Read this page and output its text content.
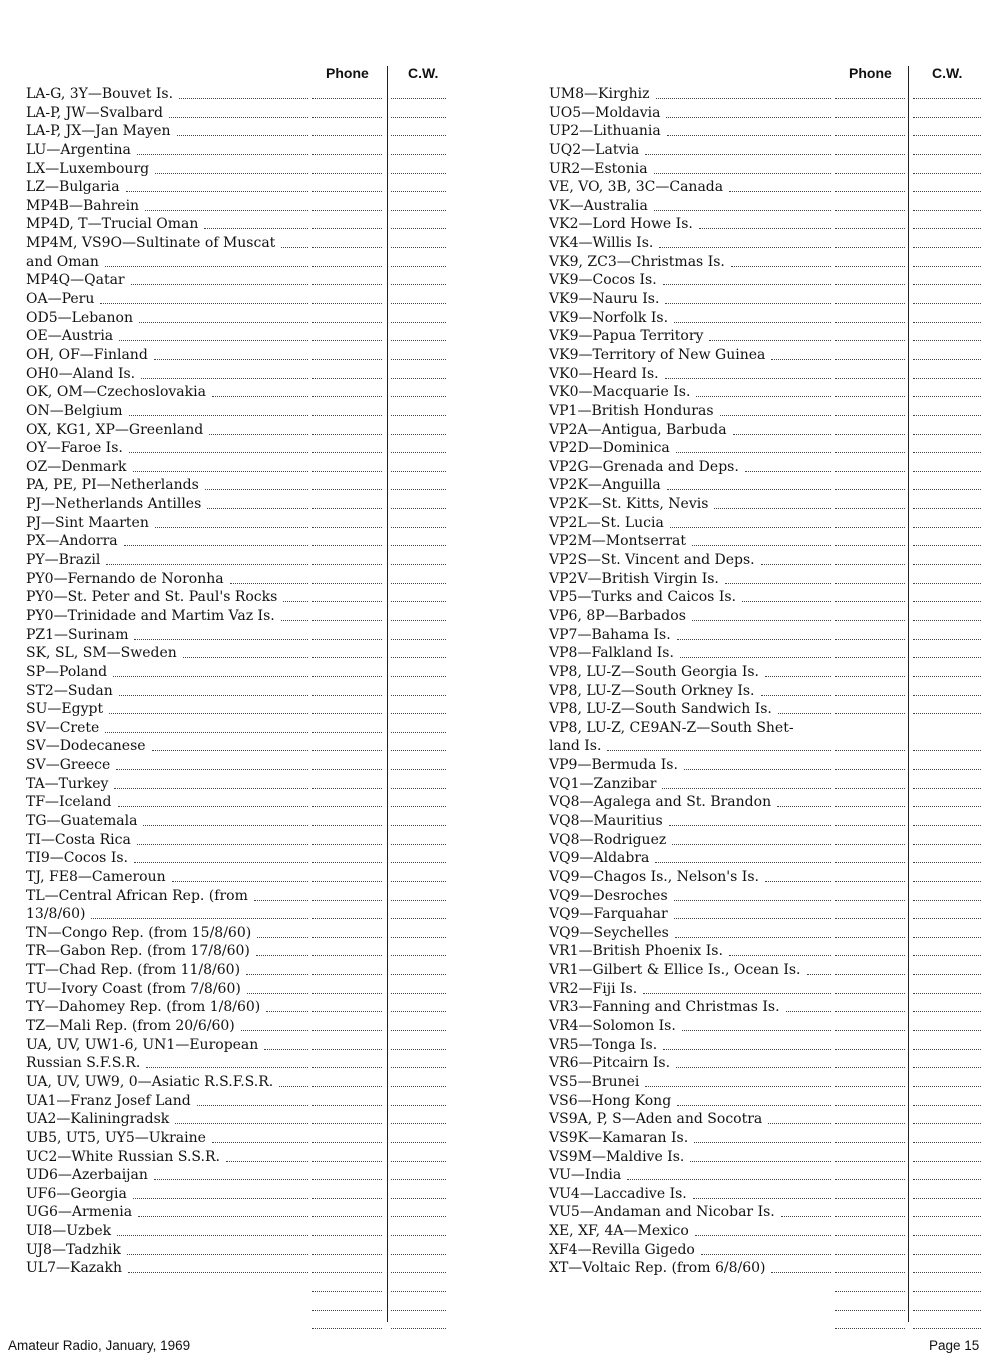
Phone	C.W.
LA-G, 3Y—Bouvet Is.
LA-P, JW—Svalbard
LA-P, JX—Jan Mayen
LU—Argentina
LX—Luxembourg
LZ—Bulgaria
MP4B—Bahrein
MP4D, T—Trucial Oman
MP4M, VS9O—Sultinate of Muscat
and Oman
MP4Q—Qatar
OA—Peru
OD5—Lebanon
OE—Austria
OH, OF—Finland
OH0—Aland Is.
OK, OM—Czechoslovakia
ON—Belgium
OX, KG1, XP—Greenland
OY—Faroe Is.
OZ—Denmark
PA, PE, PI—Netherlands
PJ—Netherlands Antilles
PJ—Sint Maarten
PX—Andorra
PY—Brazil
PY0—Fernando de Noronha
PY0—St. Peter and St. Paul's Rocks
PY0—Trinidade and Martim Vaz Is.
PZ1—Surinam
SK, SL, SM—Sweden
SP—Poland
ST2—Sudan
SU—Egypt
SV—Crete
SV—Dodecanese
SV—Greece
TA—Turkey
TF—Iceland
TG—Guatemala
TI—Costa Rica
TI9—Cocos Is.
TJ, FE8—Cameroun
TL—Central African Rep. (from
13/8/60)
TN—Congo Rep. (from 15/8/60)
TR—Gabon Rep. (from 17/8/60)
TT—Chad Rep. (from 11/8/60)
TU—Ivory Coast (from 7/8/60)
TY—Dahomey Rep. (from 1/8/60)
TZ—Mali Rep. (from 20/6/60)
UA, UV, UW1-6, UN1—European
Russian S.F.S.R.
UA, UV, UW9, 0—Asiatic R.S.F.S.R.
UA1—Franz Josef Land
UA2—Kaliningradsk
UB5, UT5, UY5—Ukraine
UC2—White Russian S.S.R.
UD6—Azerbaijan
UF6—Georgia
UG6—Armenia
UI8—Uzbek
UJ8—Tadzhik
UL7—Kazakh
Phone	C.W.
UM8—Kirghiz
UO5—Moldavia
UP2—Lithuania
UQ2—Latvia
UR2—Estonia
VE, VO, 3B, 3C—Canada
VK—Australia
VK2—Lord Howe Is.
VK4—Willis Is.
VK9, ZC3—Christmas Is.
VK9—Cocos Is.
VK9—Nauru Is.
VK9—Norfolk Is.
VK9—Papua Territory
VK9—Territory of New Guinea
VK0—Heard Is.
VK0—Macquarie Is.
VP1—British Honduras
VP2A—Antigua, Barbuda
VP2D—Dominica
VP2G—Grenada and Deps.
VP2K—Anguilla
VP2K—St. Kitts, Nevis
VP2L—St. Lucia
VP2M—Montserrat
VP2S—St. Vincent and Deps.
VP2V—British Virgin Is.
VP5—Turks and Caicos Is.
VP6, 8P—Barbados
VP7—Bahama Is.
VP8—Falkland Is.
VP8, LU-Z—South Georgia Is.
VP8, LU-Z—South Orkney Is.
VP8, LU-Z—South Sandwich Is.
VP8, LU-Z, CE9AN-Z—South Shet-
land Is.
VP9—Bermuda Is.
VQ1—Zanzibar
VQ8—Agalega and St. Brandon
VQ8—Mauritius
VQ8—Rodriguez
VQ9—Aldabra
VQ9—Chagos Is., Nelson's Is.
VQ9—Desroches
VQ9—Farquahar
VQ9—Seychelles
VR1—British Phoenix Is.
VR1—Gilbert & Ellice Is., Ocean Is.
VR2—Fiji Is.
VR3—Fanning and Christmas Is.
VR4—Solomon Is.
VR5—Tonga Is.
VR6—Pitcairn Is.
VS5—Brunei
VS6—Hong Kong
VS9A, P, S—Aden and Socotra
VS9K—Kamaran Is.
VS9M—Maldive Is.
VU—India
VU4—Laccadive Is.
VU5—Andaman and Nicobar Is.
XE, XF, 4A—Mexico
XF4—Revilla Gigedo
XT—Voltaic Rep. (from 6/8/60)
Amateur Radio, January, 1969	Page 15
